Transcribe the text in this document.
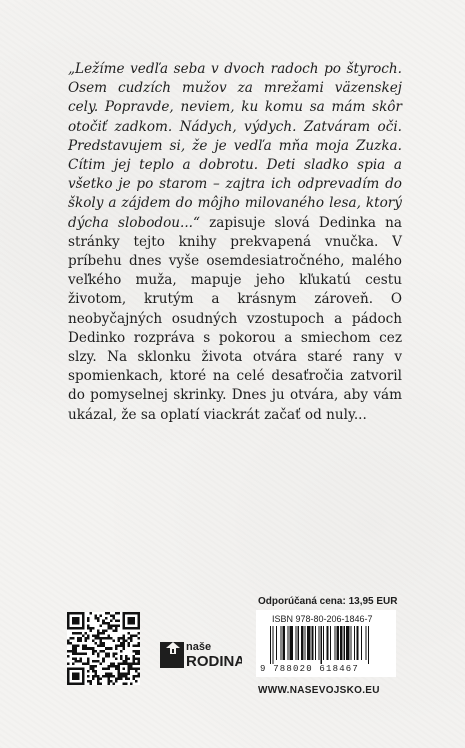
„Ležíme vedľa seba v dvoch radoch po štyroch. Osem cudzích mužov za mrežami väzenskej cely. Popravde, neviem, ku komu sa mám skôr otočiť zadkom. Nádych, výdych. Zatváram oči. Predstavujem si, že je vedľa mňa moja Zuzka. Cítim jej teplo a dobrotu. Deti sladko spia a všetko je po starom – zajtra ich odprevadím do školy a zájdem do môjho milovaného lesa, ktorý dýcha slobodou...“ zapisuje slová Dedinka na stránky tejto knihy prekvapená vnučka. V príbehu dnes vyše osemdesiatročného, malého veľkého muža, mapuje jeho kľukatú cestu životom, krutým a krásnym zároveň. O neobyčajných osudných vzostupoch a pádoch Dedinko rozpráva s pokorou a smiechom cez slzy. Na sklonku života otvára staré rany v spomienkach, ktoré na celé desaťročia zatvoril do pomyselnej skrinky. Dnes ju otvára, aby vám ukázal, že sa oplatí viackrát začať od nuly...

naše
RODINA
Odporúčaná cena: 13,95 EUR
ISBN 978-80-206-1846-7
9 788020 618467
WWW.NASEVOJSKO.EU
